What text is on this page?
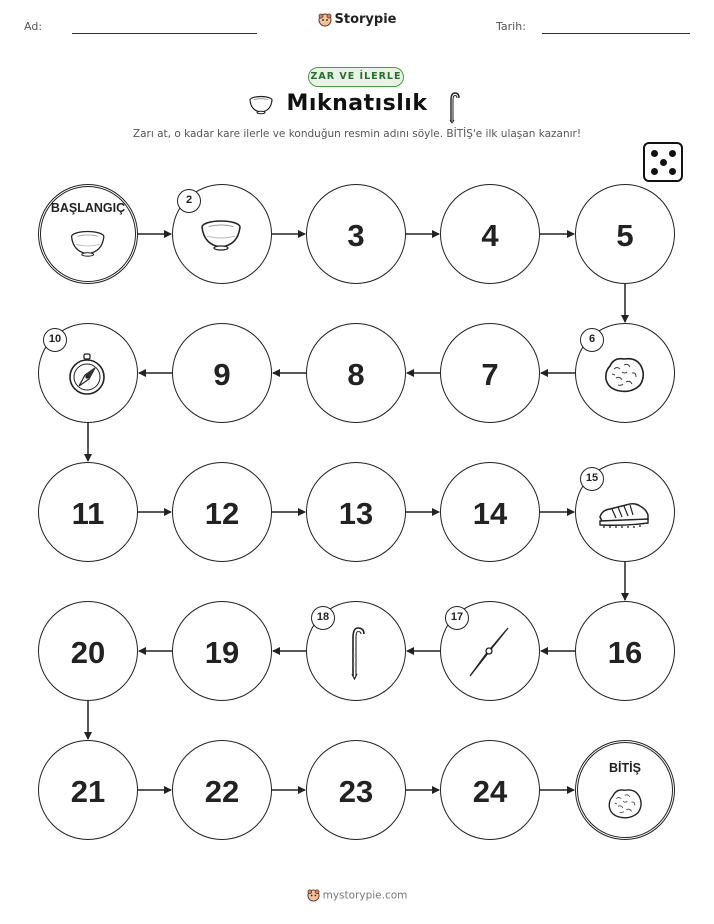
Ad:	Storypie	Tarih:
ZAR VE İLERLE
Mıknatıslık
Zarı at, o kadar kare ilerle ve konduğun resmin adını söyle. BİTİŞ'e ilk ulaşan kazanır!
BAŞLANGIÇ
2
3	4	5
6
7
8
9
10
11	12	13	14
15
16
17
18
19
20
21	22	23	24
BİTİŞ
mystorypie.com
